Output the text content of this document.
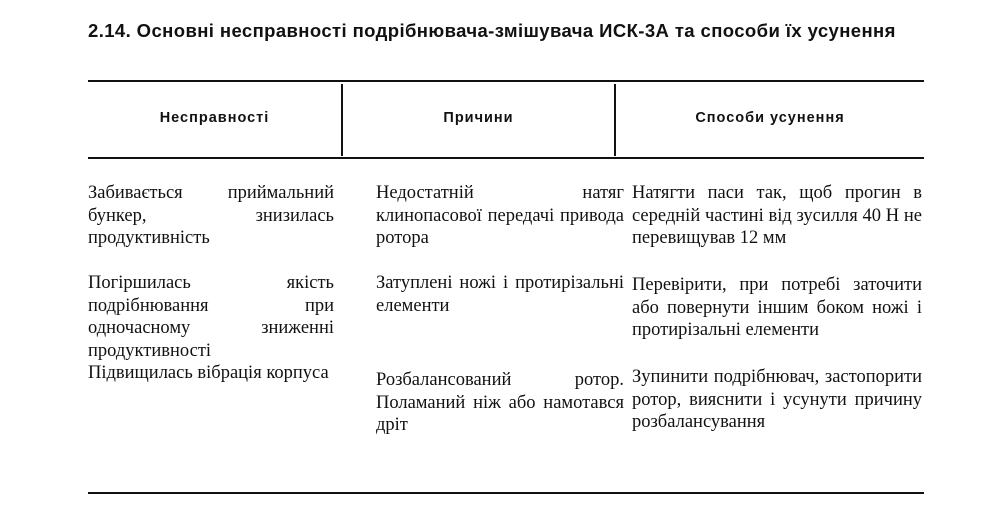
2.14. Основні несправності подрібнювача-змішувача ИСК-3А та способи їх усунення
Несправності	Причини	Способи усунення
Забивається приймальний бункер, знизилась продуктивність
Погіршилась якість подрібнювання при одночасному зниженні продуктивності
Підвищилась вібрація корпуса
Недостатній натяг клинопасової передачі привода ротора
Затуплені ножі і протирізальні елементи
Розбалансований ротор. Поламаний ніж або намотався дріт
Натягти паси так, щоб прогин в середній частині від зусилля 40 Н не перевищував 12 мм
Перевірити, при потребі заточити або повернути іншим боком ножі і протирізальні елементи
Зупинити подрібнювач, застопорити ротор, вияснити і усунути причину розбалансування
